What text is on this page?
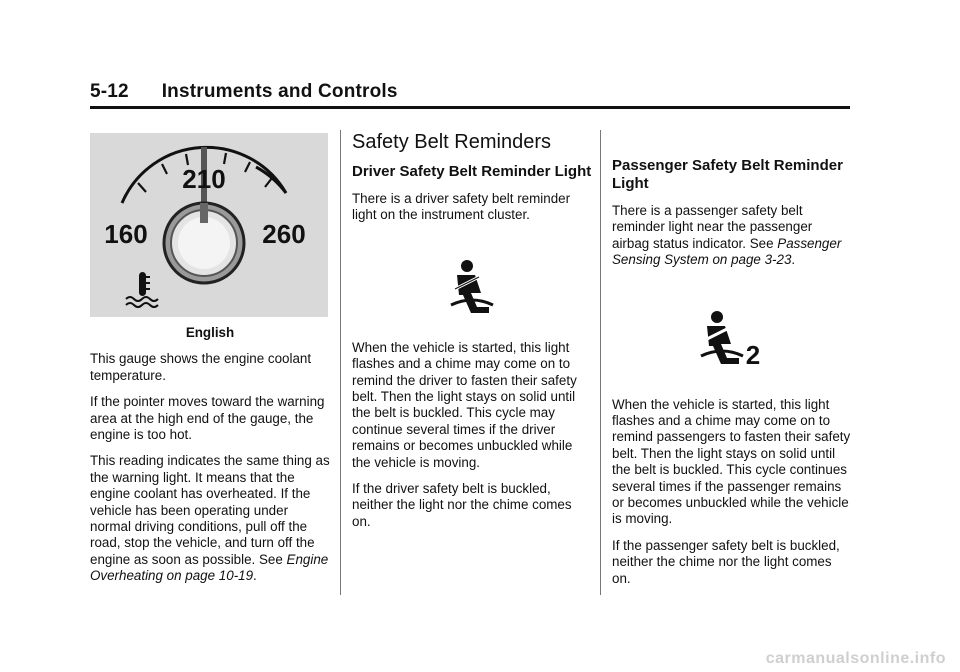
5-12      Instruments and Controls
210
160	260
English

This gauge shows the engine coolant temperature.

If the pointer moves toward the warning area at the high end of the gauge, the engine is too hot.

This reading indicates the same thing as the warning light. It means that the engine coolant has overheated. If the vehicle has been operating under normal driving conditions, pull off the road, stop the vehicle, and turn off the engine as soon as possible. See Engine Overheating on page 10-19.

Safety Belt Reminders
Driver Safety Belt Reminder Light

There is a driver safety belt reminder light on the instrument cluster.

When the vehicle is started, this light flashes and a chime may come on to remind the driver to fasten their safety belt. Then the light stays on solid until the belt is buckled. This cycle may continue several times if the driver remains or becomes unbuckled while the vehicle is moving.

If the driver safety belt is buckled, neither the light nor the chime comes on.

Passenger Safety Belt Reminder Light

There is a passenger safety belt reminder light near the passenger airbag status indicator. See Passenger Sensing System on page 3-23.

2

When the vehicle is started, this light flashes and a chime may come on to remind passengers to fasten their safety belt. Then the light stays on solid until the belt is buckled. This cycle continues several times if the passenger remains or becomes unbuckled while the vehicle is moving.

If the passenger safety belt is buckled, neither the chime nor the light comes on.

carmanualsonline.info
